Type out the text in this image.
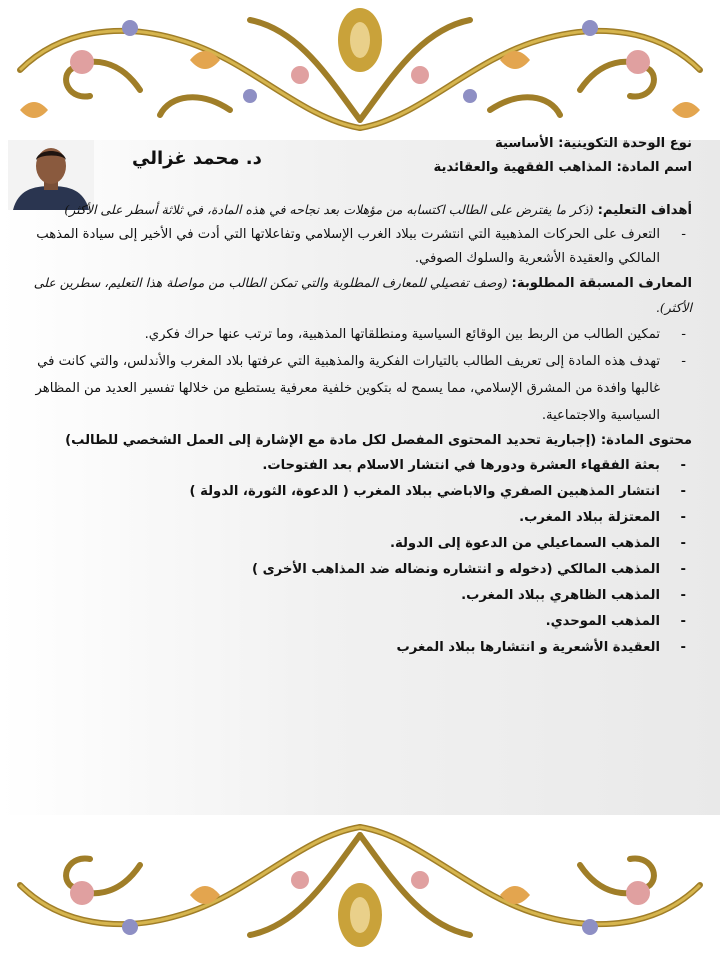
د. محمد غزالي

نوع الوحدة التكوينية: الأساسية

اسم المادة: المذاهب الفقهية والعقائدية

أهداف التعليم: (ذكر ما يفترض على الطالب اكتسابه من مؤهلات بعد نجاحه في هذه المادة، في ثلاثة أسطر على الأكثر)

- التعرف على الحركات المذهبية التي انتشرت ببلاد الغرب الإسلامي وتفاعلاتها التي أدت في الأخير إلى سيادة المذهب المالكي والعقيدة الأشعرية والسلوك الصوفي.

المعارف المسبقة المطلوبة: (وصف تفصيلي للمعارف المطلوبة والتي تمكن الطالب من مواصلة هذا التعليم، سطرين على الأكثر).

- تمكين الطالب من الربط بين الوقائع السياسية ومنطلقاتها المذهبية، وما ترتب عنها حراك فكري.
- تهدف هذه المادة إلى تعريف الطالب بالتيارات الفكرية والمذهبية التي عرفتها بلاد المغرب والأندلس، والتي كانت في غالبها وافدة من المشرق الإسلامي، مما يسمح له بتكوين خلفية معرفية يستطيع من خلالها تفسير العديد من المظاهر السياسية والاجتماعية.

محتوى المادة: (إجبارية تحديد المحتوى المفصل لكل مادة مع الإشارة إلى العمل الشخصي للطالب)

- بعثة الفقهاء العشرة ودورها في انتشار الاسلام بعد الفتوحات.
- انتشار المذهبين الصفري والاباضي ببلاد المغرب ( الدعوة، الثورة، الدولة )
- المعتزلة ببلاد المغرب.
- المذهب السماعيلي من الدعوة إلى الدولة.
- المذهب المالكي (دخوله و انتشاره ونضاله ضد المذاهب الأخرى )
- المذهب الظاهري ببلاد المغرب.
- المذهب الموحدي.
- العقيدة الأشعرية و انتشارها ببلاد المغرب
